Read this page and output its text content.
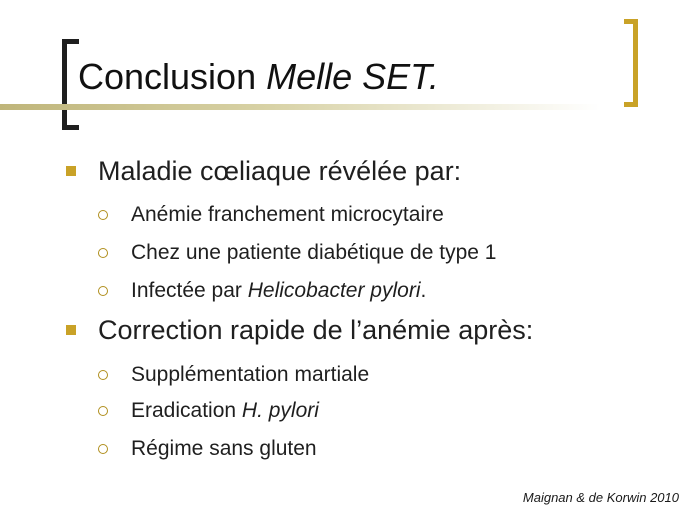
Conclusion Melle SET.
Maladie cœliaque révélée par:
Anémie franchement microcytaire
Chez une patiente diabétique de type 1
Infectée par Helicobacter pylori.
Correction rapide de l’anémie après:
Supplémentation martiale
Eradication H. pylori
Régime sans gluten
Maignan & de Korwin 2010
